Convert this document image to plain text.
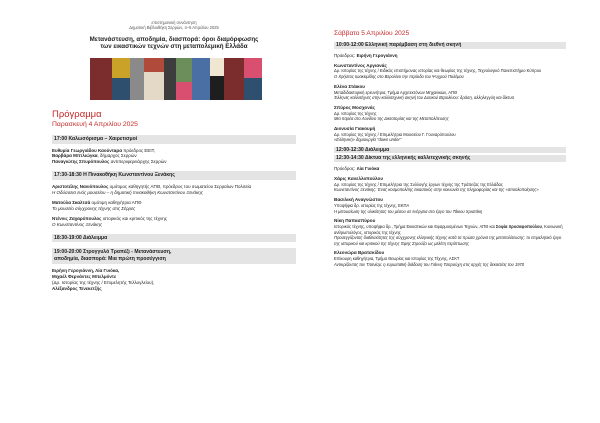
επιστημονική συνάντηση
Δημοτική Βιβλιοθήκη Σερρών, 4–5 Απριλίου 2025
Μετανάστευση, αποδημία, διασπορά: όροι διαμόρφωσης
των εικαστικών τεχνών στη μεταπολεμική Ελλάδα
Πρόγραμμα
Παρασκευή 4 Απριλίου 2025
17:00 Καλωσόρισμα – Χαιρετισμοί
Ευθυμία Γεωργιάδου Καούνταρα πρόεδρος ΕΕΙΤ,
Βαρβάρα Μπτλιώγκα, δήμαρχος Σερρών
Παναγιώτης Σπυρόπουλος αντιπεριφερειάρχης Σερρών
17:30-18:30 Η Πινακοθήκη Κωνσταντίνου Ξενάκης
Αριστοτέλης Νανιόπουλος ομότιμος καθηγητής ΑΠΘ, πρόεδρος του σωματείου Σερραίων Πολιτεία
Η Οδύσσεια ενός μουσείου – η δημοτική πινακοθήκη Κωνσταντίνου Ξενάκης
Ματούλα Σκαλτσά ομότιμη καθηγήτρια ΑΠΘ
Το μουσείο σύγχρονης τέχνης στις Σέρρες
Ντέννις Ζαχαρόπουλος ιστορικός και κριτικός της τέχνης
Ο Κωνσταντίνος Ξενάκης
18:30-19:00 Διάλειμμα
19:00-20:00 Στρογγυλό Τραπέζι - Μετανάστευση,
αποδημία, διασπορά: Μια πρώτη προσέγγιση
Ειρήνη Γερογιάννη, Λία Γυιόκα,
Μιχαέλ Φερνάντες Μπελμόντε
(Δρ. Ιστορίας της τέχνης / Επιμελητής Τελλογλείου),
Αλέξανδρος Τενεκετζής
Σάββατο 5 Απριλίου 2025
10:00-12:00 Ελληνική παρέμβαση στη διεθνή σκηνή
Πρόεδρος: Ειρήνη Γερογιάννη
Κωνσταντίνος Αργιανάς
Δρ. Ιστορίας της τέχνης / Ειδικός επιστήμονας ιστορίας και θεωρίας της τέχνης, Τεχνολογικό Πανεπιστήμιο Κύπρου
Ο Χρήστος Ιωακειμίδης στο Βερολίνο την περίοδο του Ψυχρού Πολέμου
Ελένα Στάικου
Μεταδιδακτορική ερευνήτρια, Τμήμα Αρχιτεκτόνων Μηχανικών, ΑΠΘ
Έλληνες καλλιτέχνες στην καλλιτεχνική σκηνή του Δυτικού Βερολίνου: δράση, αλληλεγγύη και δίκτυα
Σπύρος Μοσχονάς
Δρ. Ιστορίας της τέχνης
Μια παρέα στο Λονδίνο της Δικτατορίας και της Μεταπολίτευσης
Διονυσία Γιακουμή
Δρ. Ιστορίας της τέχνης / Επιμελήτρια Μουσείου Γ. Γουναρόπουλου
«Ελληνική» δημιουργία "down under"
12:00-12:30 Διάλειμμα
12:30-14:30 Δίκτυα της ελληνικής καλλιτεχνικής σκηνής
Πρόεδρος: Λία Γυιόκα
Χάρις Κανελλοπούλου
Δρ. Ιστορίας της τέχνης / Επιμελήτρια της Συλλογής έργων τέχνης της Τράπεζας της Ελλάδας
Κωνσταντίνος Ξενάκης: Ένας κοσμοπολίτης εικαστικός στην κοινωνία της πληροφορίας και της «αποϋλοποίησης»
Βασιλική Αναγνώστου
Υποψήφια δρ. ιστορίας της τέχνης, ΕΚΠΑ
Η μετουσίωση της υλικότητας του μέσου σε ενέργεια στο έργο του Τάκιου Χριστάκη
Νίκη Παπασπύρου
Ιστορικός τέχνης, υποψήφια δρ., Τμήμα Εικαστικών και Εφαρμοσμένων Τεχνών, ΑΠΘ και Σοφία Χρυσαφοπούλου, Κοινωνική ανθρωπολόγος, ιστορικός της τέχνης
Προσεγγίζοντας διαθεσιότητες της σύγχρονης ελληνικής τέχνης κατά τα πρώτα χρόνια της μεταπολίτευσης: το επιμελητικό έργο της ιστορικού και κριτικού της τέχνης Έφης Στρούζα ως μελέτη περίπτωσης
Ελεονώρα Βρατσκίδου
Επίκουρη καθηγήτρια, Τμήμα Θεωρίας και Ιστορίας της Τέχνης, ΑΣΚΤ
Αντικρίζοντας τον Τιτανίσμ: η ευρωπαϊκή διάδοση του Γιάννη Τσαρούχη στις αρχές της δεκαετίας του 1970
